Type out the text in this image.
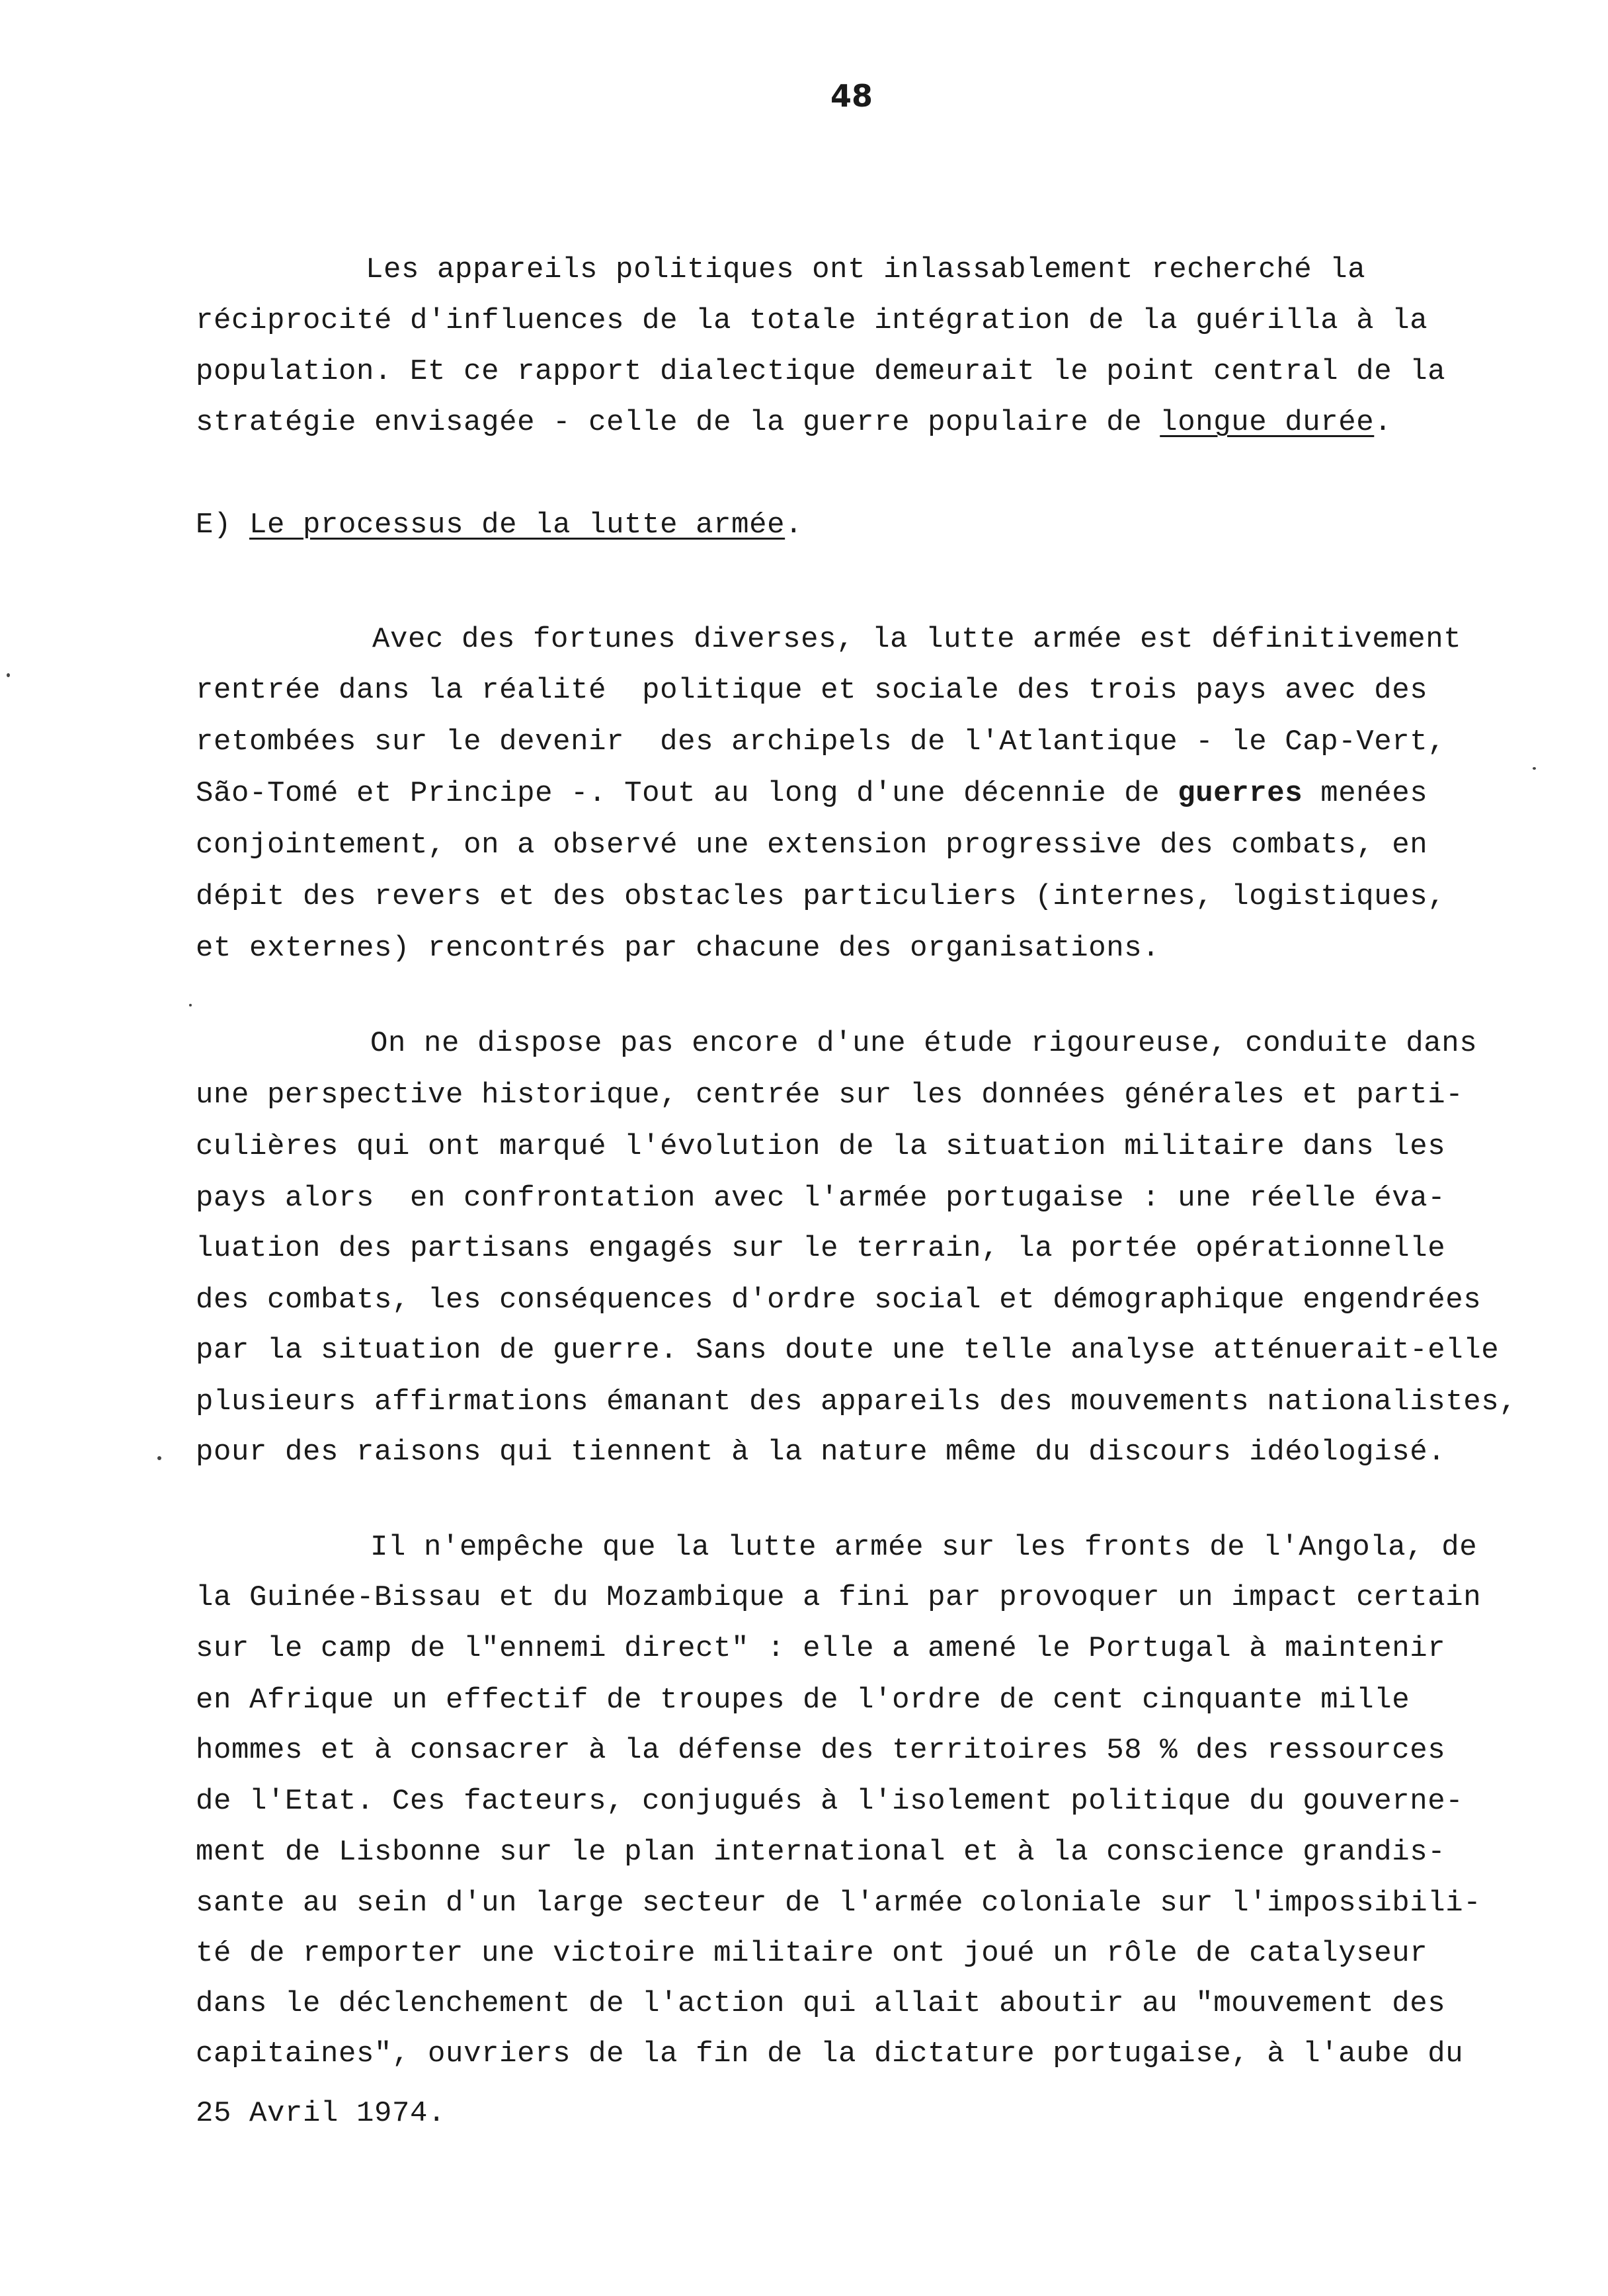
48
Les appareils politiques ont inlassablement recherché la
réciprocité d'influences de la totale intégration de la guérilla à la
population. Et ce rapport dialectique demeurait le point central de la
stratégie envisagée - celle de la guerre populaire de longue durée.
E) Le processus de la lutte armée.
Avec des fortunes diverses, la lutte armée est définitivement
rentrée dans la réalité  politique et sociale des trois pays avec des
retombées sur le devenir  des archipels de l'Atlantique - le Cap-Vert,
São-Tomé et Principe -. Tout au long d'une décennie de guerres menées
conjointement, on a observé une extension progressive des combats, en
dépit des revers et des obstacles particuliers (internes, logistiques,
et externes) rencontrés par chacune des organisations.
On ne dispose pas encore d'une étude rigoureuse, conduite dans
une perspective historique, centrée sur les données générales et parti-
culières qui ont marqué l'évolution de la situation militaire dans les
pays alors  en confrontation avec l'armée portugaise : une réelle éva-
luation des partisans engagés sur le terrain, la portée opérationnelle
des combats, les conséquences d'ordre social et démographique engendrées
par la situation de guerre. Sans doute une telle analyse atténuerait-elle
plusieurs affirmations émanant des appareils des mouvements nationalistes,
pour des raisons qui tiennent à la nature même du discours idéologisé.
Il n'empêche que la lutte armée sur les fronts de l'Angola, de
la Guinée-Bissau et du Mozambique a fini par provoquer un impact certain
sur le camp de l"ennemi direct" : elle a amené le Portugal à maintenir
en Afrique un effectif de troupes de l'ordre de cent cinquante mille
hommes et à consacrer à la défense des territoires 58 % des ressources
de l'Etat. Ces facteurs, conjugués à l'isolement politique du gouverne-
ment de Lisbonne sur le plan international et à la conscience grandis-
sante au sein d'un large secteur de l'armée coloniale sur l'impossibili-
té de remporter une victoire militaire ont joué un rôle de catalyseur
dans le déclenchement de l'action qui allait aboutir au "mouvement des
capitaines", ouvriers de la fin de la dictature portugaise, à l'aube du
25 Avril 1974.
